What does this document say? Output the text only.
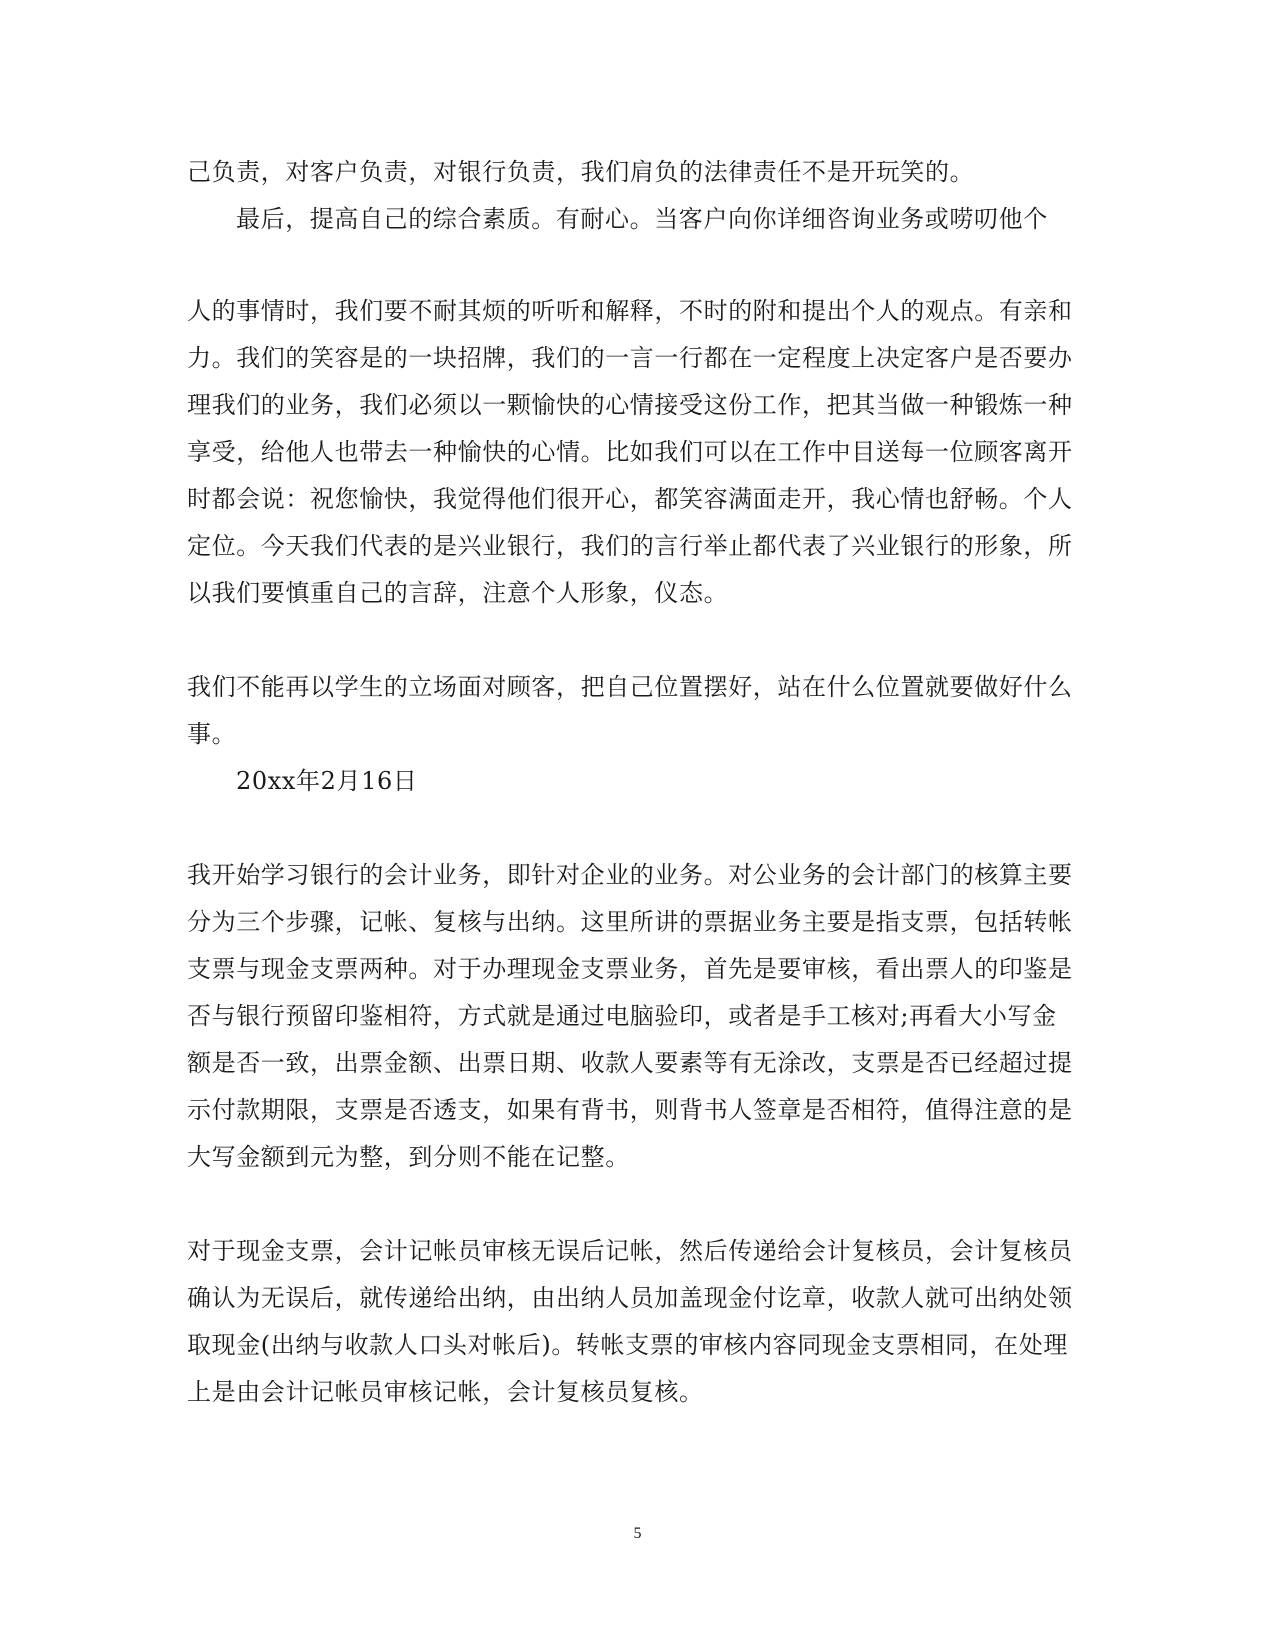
己负责，对客户负责，对银行负责，我们肩负的法律责任不是开玩笑的。
最后，提高自己的综合素质。有耐心。当客户向你详细咨询业务或唠叨他个
人的事情时，我们要不耐其烦的听听和解释，不时的附和提出个人的观点。有亲和
力。我们的笑容是的一块招牌，我们的一言一行都在一定程度上决定客户是否要办
理我们的业务，我们必须以一颗愉快的心情接受这份工作，把其当做一种锻炼一种
享受，给他人也带去一种愉快的心情。比如我们可以在工作中目送每一位顾客离开
时都会说：祝您愉快，我觉得他们很开心，都笑容满面走开，我心情也舒畅。个人
定位。今天我们代表的是兴业银行，我们的言行举止都代表了兴业银行的形象，所
以我们要慎重自己的言辞，注意个人形象，仪态。
我们不能再以学生的立场面对顾客，把自己位置摆好，站在什么位置就要做好什么
事。
20xx年2月16日
我开始学习银行的会计业务，即针对企业的业务。对公业务的会计部门的核算主要
分为三个步骤，记帐、复核与出纳。这里所讲的票据业务主要是指支票，包括转帐
支票与现金支票两种。对于办理现金支票业务，首先是要审核，看出票人的印鉴是
否与银行预留印鉴相符，方式就是通过电脑验印，或者是手工核对;再看大小写金
额是否一致，出票金额、出票日期、收款人要素等有无涂改，支票是否已经超过提
示付款期限，支票是否透支，如果有背书，则背书人签章是否相符，值得注意的是
大写金额到元为整，到分则不能在记整。
对于现金支票，会计记帐员审核无误后记帐，然后传递给会计复核员，会计复核员
确认为无误后，就传递给出纳，由出纳人员加盖现金付讫章，收款人就可出纳处领
取现金(出纳与收款人口头对帐后)。转帐支票的审核内容同现金支票相同，在处理
上是由会计记帐员审核记帐，会计复核员复核。
5
